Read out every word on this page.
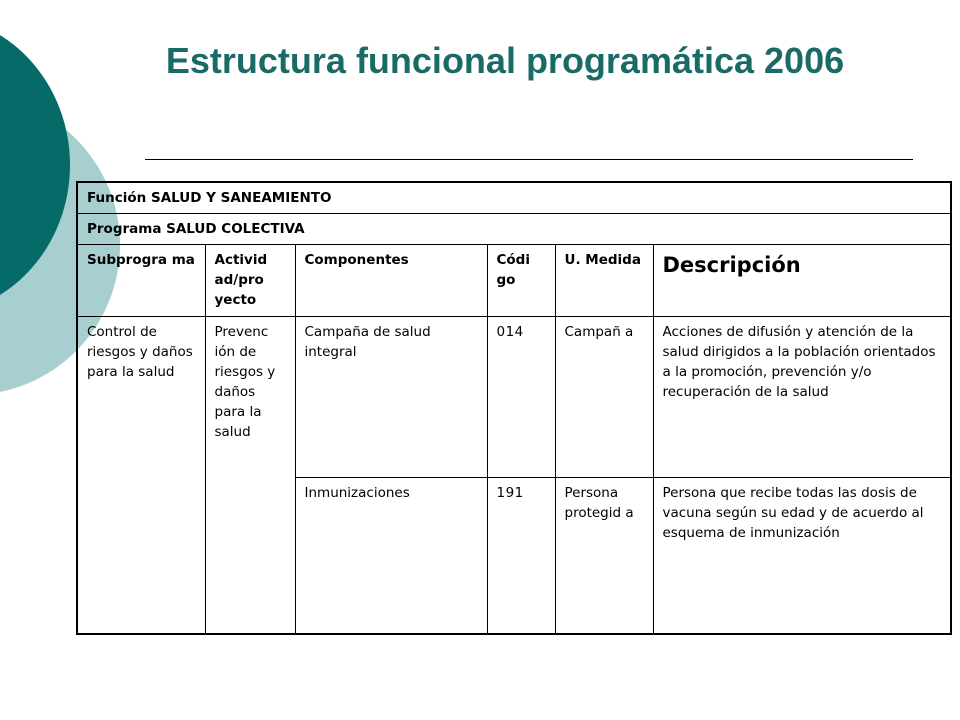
Estructura funcional programática 2006
Función SALUD Y SANEAMIENTO					
Programa SALUD COLECTIVA					
Subprogra ma	Activid ad/pro yecto	Componentes	Códi go	U. Medida	Descripción
Control de riesgos y daños para la salud	Prevenc ión de riesgos y daños para la salud	Campaña de salud integral	014	Campañ a	Acciones de difusión y atención de la salud dirigidos a la población orientados a la promoción, prevención y/o recuperación de la salud
		Inmunizaciones	191	Persona protegid a	Persona que recibe todas las dosis de vacuna según su edad y de acuerdo al esquema de inmunización
